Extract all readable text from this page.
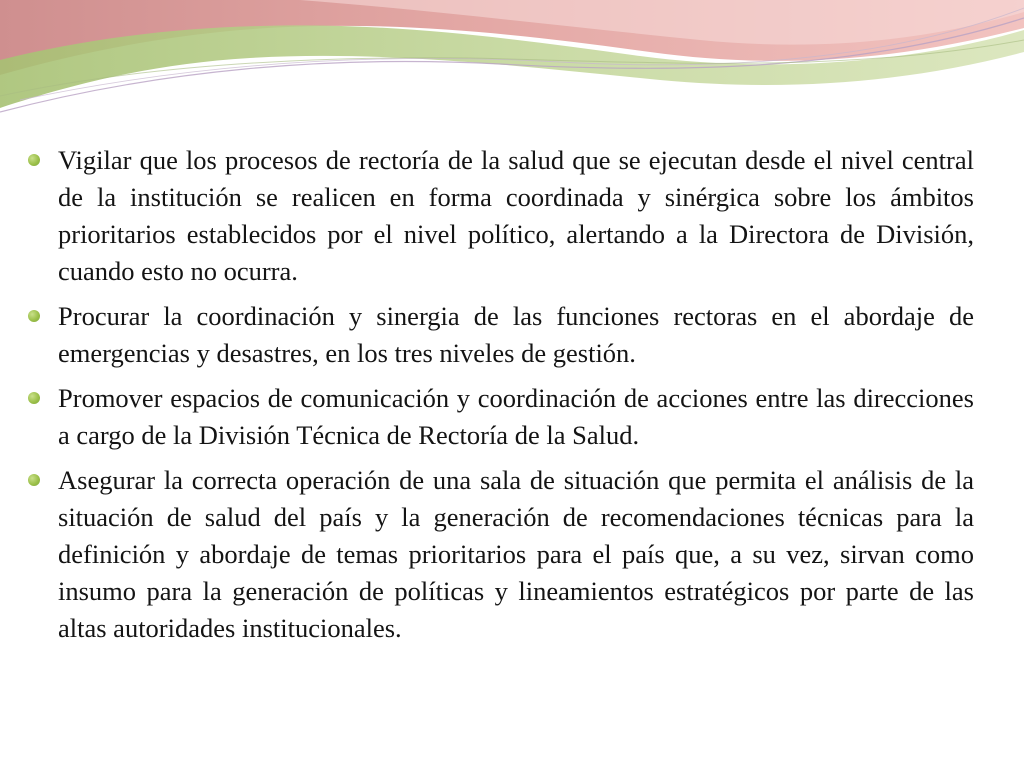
Vigilar que los procesos de rectoría de la salud que se ejecutan desde el nivel central de la institución se realicen en forma coordinada y sinérgica sobre los ámbitos prioritarios establecidos por el nivel político, alertando a la Directora de División, cuando esto no ocurra.
Procurar la coordinación y sinergia de las funciones rectoras en el abordaje de emergencias y desastres, en los tres niveles de gestión.
Promover espacios de comunicación y coordinación de acciones entre las direcciones a cargo de la División Técnica de Rectoría de la Salud.
Asegurar la correcta operación de una sala de situación que permita el análisis de la situación de salud del país y la generación de recomendaciones técnicas para la definición y abordaje de temas prioritarios para el país que, a su vez, sirvan como insumo para la generación de políticas y lineamientos estratégicos por parte de las altas autoridades institucionales.
